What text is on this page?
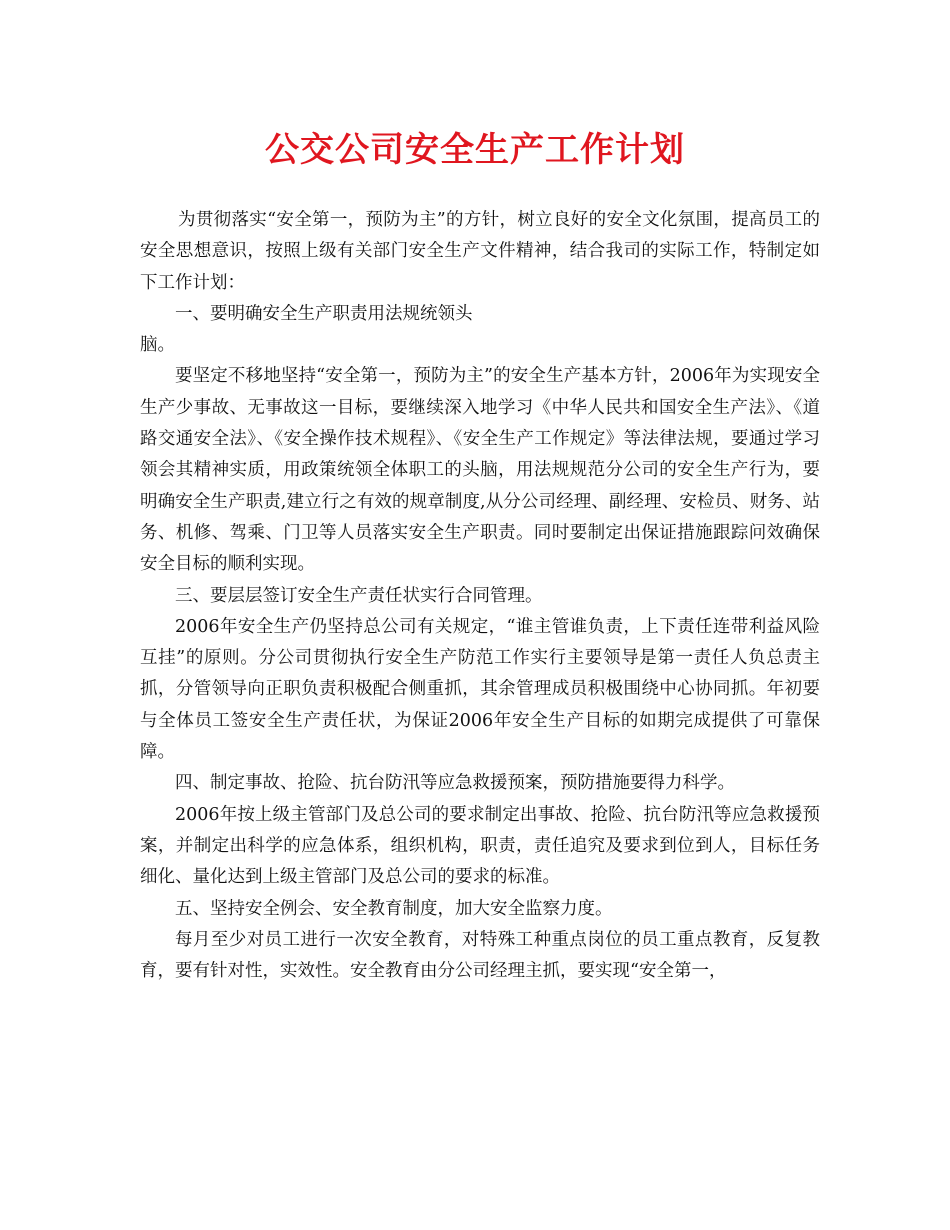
公交公司安全生产工作计划

为贯彻落实“安全第一，预防为主”的方针，树立良好的安全文化氛围，提高员工的安全思想意识，按照上级有关部门安全生产文件精神，结合我司的实际工作，特制定如下工作计划：

一、要明确安全生产职责用法规统领头

脑。

要坚定不移地坚持“安全第一，预防为主”的安全生产基本方针，2006年为实现安全生产少事故、无事故这一目标，要继续深入地学习《中华人民共和国安全生产法》、《道路交通安全法》、《安全操作技术规程》、《安全生产工作规定》等法律法规，要通过学习领会其精神实质，用政策统领全体职工的头脑，用法规规范分公司的安全生产行为，要明确安全生产职责,建立行之有效的规章制度,从分公司经理、副经理、安检员、财务、站务、机修、驾乘、门卫等人员落实安全生产职责。同时要制定出保证措施跟踪问效确保安全目标的顺利实现。

三、要层层签订安全生产责任状实行合同管理。

2006年安全生产仍坚持总公司有关规定，“谁主管谁负责，上下责任连带利益风险互挂”的原则。分公司贯彻执行安全生产防范工作实行主要领导是第一责任人负总责主抓，分管领导向正职负责积极配合侧重抓，其余管理成员积极围绕中心协同抓。年初要与全体员工签安全生产责任状，为保证2006年安全生产目标的如期完成提供了可靠保障。

四、制定事故、抢险、抗台防汛等应急救援预案，预防措施要得力科学。

2006年按上级主管部门及总公司的要求制定出事故、抢险、抗台防汛等应急救援预案，并制定出科学的应急体系，组织机构，职责，责任追究及要求到位到人，目标任务细化、量化达到上级主管部门及总公司的要求的标准。

五、坚持安全例会、安全教育制度，加大安全监察力度。

每月至少对员工进行一次安全教育，对特殊工种重点岗位的员工重点教育，反复教育，要有针对性，实效性。安全教育由分公司经理主抓，要实现“安全第一，
